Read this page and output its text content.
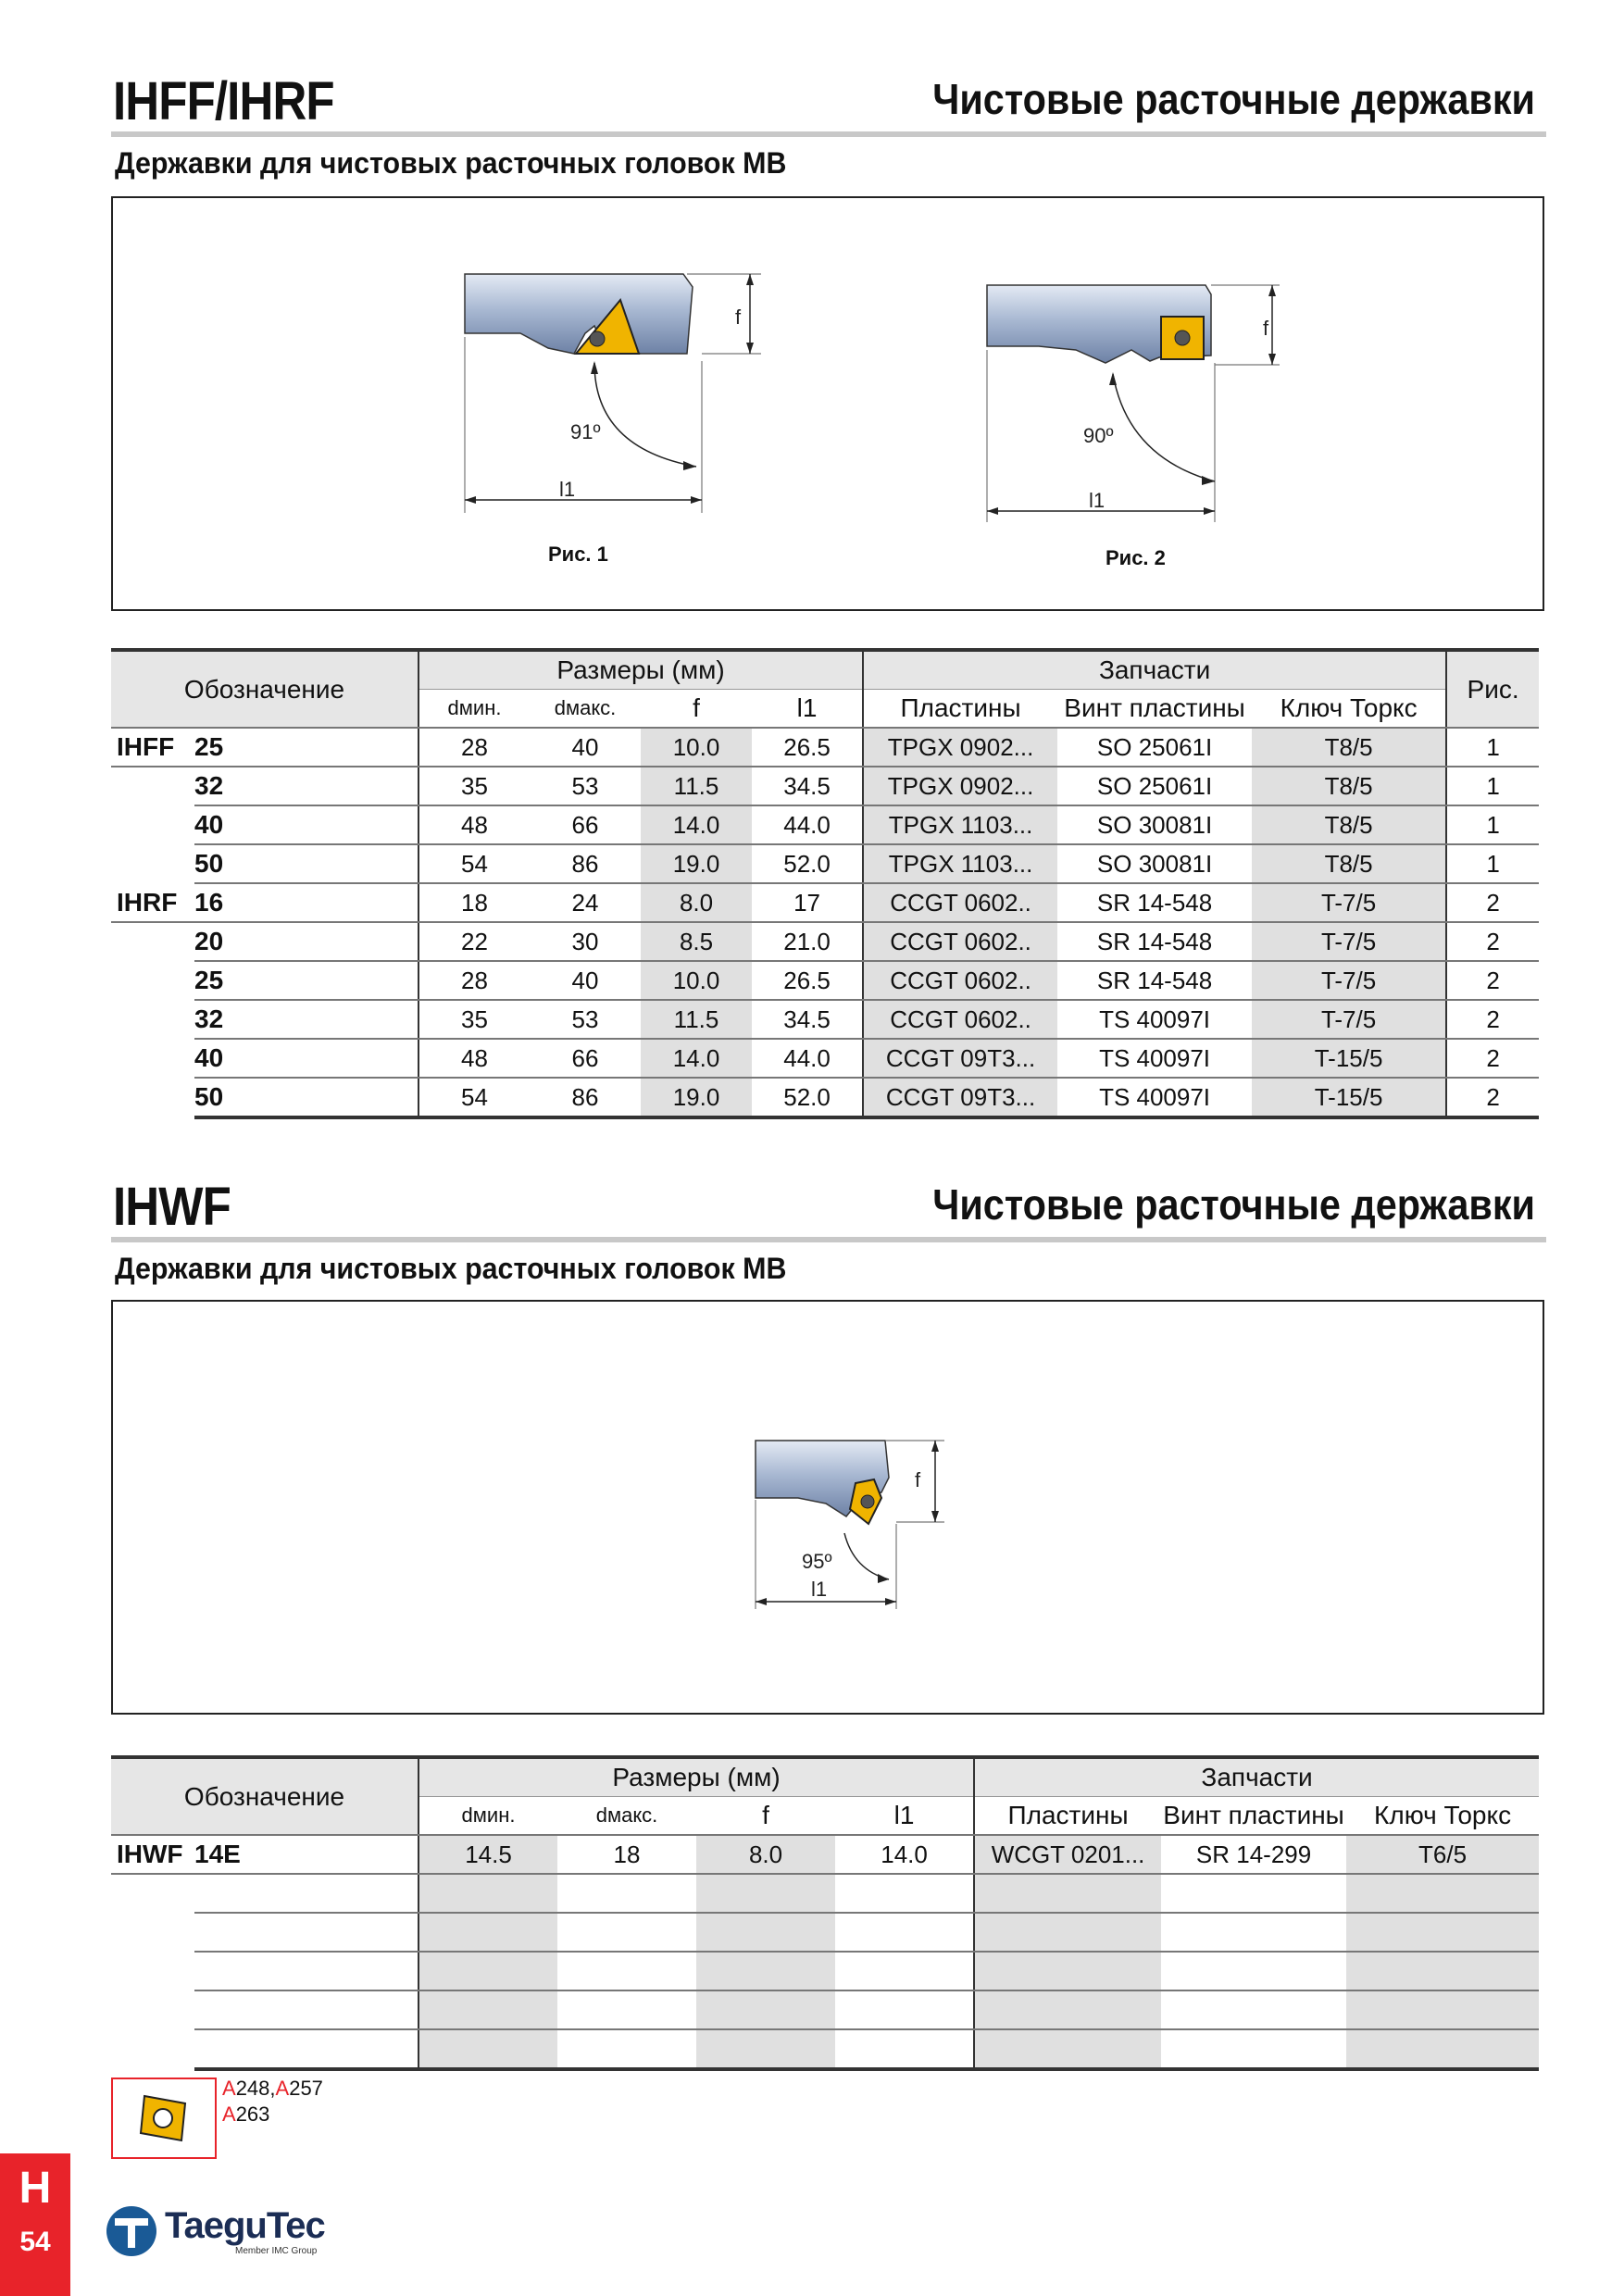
IHFF/IHRF	Чистовые расточные державки
Державки для чистовых расточных головок MB
91º
f
l1
Рис. 1
90º
f
l1
Рис. 2
Обозначение		Размеры (мм)				Запчасти			Рис.
		dмин.	dмакс.	f	l1	Пластины	Винт пластины	Ключ Торкс	
IHFF	25	28	40	10.0	26.5	TPGX 0902...	SO 25061I	T8/5	1
	32	35	53	11.5	34.5	TPGX 0902...	SO 25061I	T8/5	1
	40	48	66	14.0	44.0	TPGX 1103...	SO 30081I	T8/5	1
	50	54	86	19.0	52.0	TPGX 1103...	SO 30081I	T8/5	1
IHRF	16	18	24	8.0	17	CCGT 0602..	SR 14-548	T-7/5	2
	20	22	30	8.5	21.0	CCGT 0602..	SR 14-548	T-7/5	2
	25	28	40	10.0	26.5	CCGT 0602..	SR 14-548	T-7/5	2
	32	35	53	11.5	34.5	CCGT 0602..	TS 40097I	T-7/5	2
	40	48	66	14.0	44.0	CCGT 09T3...	TS 40097I	T-15/5	2
	50	54	86	19.0	52.0	CCGT 09T3...	TS 40097I	T-15/5	2
IHWF	Чистовые расточные державки
Державки для чистовых расточных головок MB
95º
f
l1
Обозначение		Размеры (мм)				Запчасти		
		dмин.	dмакс.	f	l1	Пластины	Винт пластины	Ключ Торкс
IHWF	14E	14.5	18	8.0	14.0	WCGT 0201...	SR 14-299	T6/5

A248,A257
A263
H
54	TaeguTec
Member IMC Group
